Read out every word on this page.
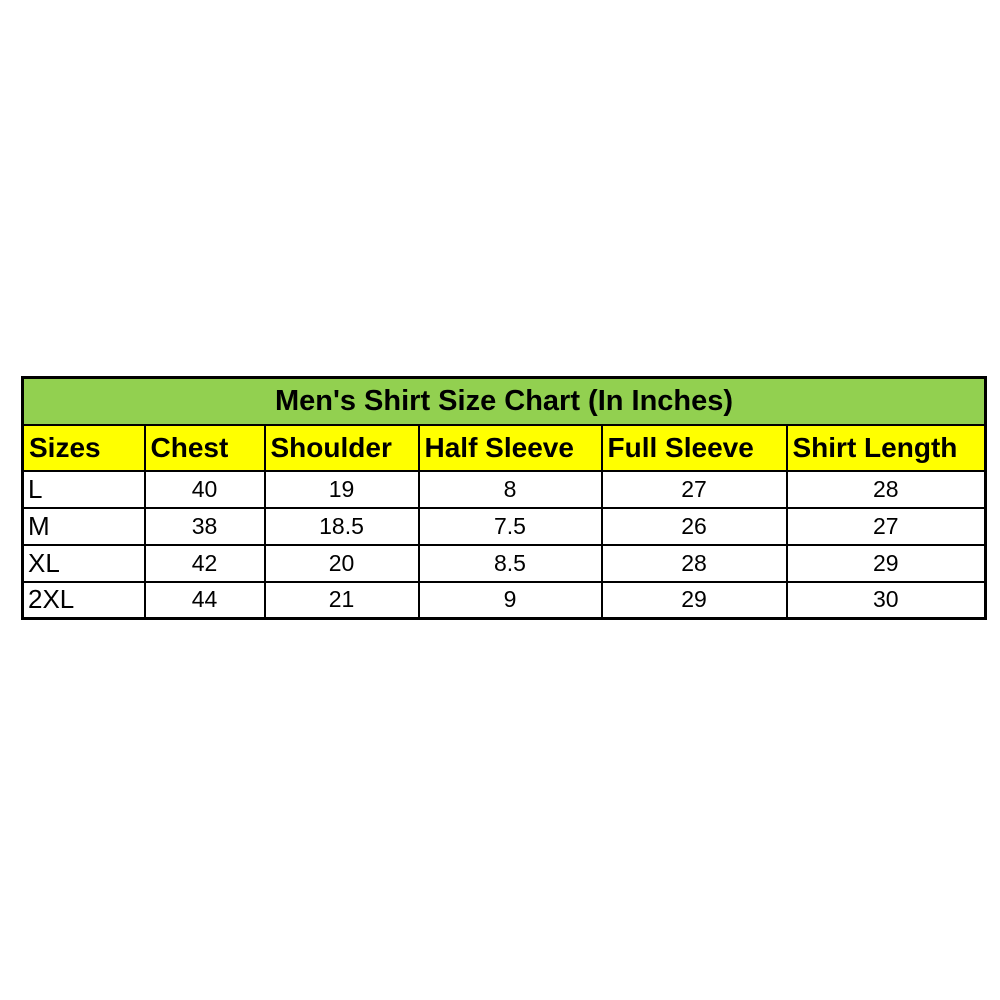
Men's Shirt Size Chart (In Inches)					
Sizes	Chest	Shoulder	Half Sleeve	Full Sleeve	Shirt Length
L	40	19	8	27	28
M	38	18.5	7.5	26	27
XL	42	20	8.5	28	29
2XL	44	21	9	29	30
